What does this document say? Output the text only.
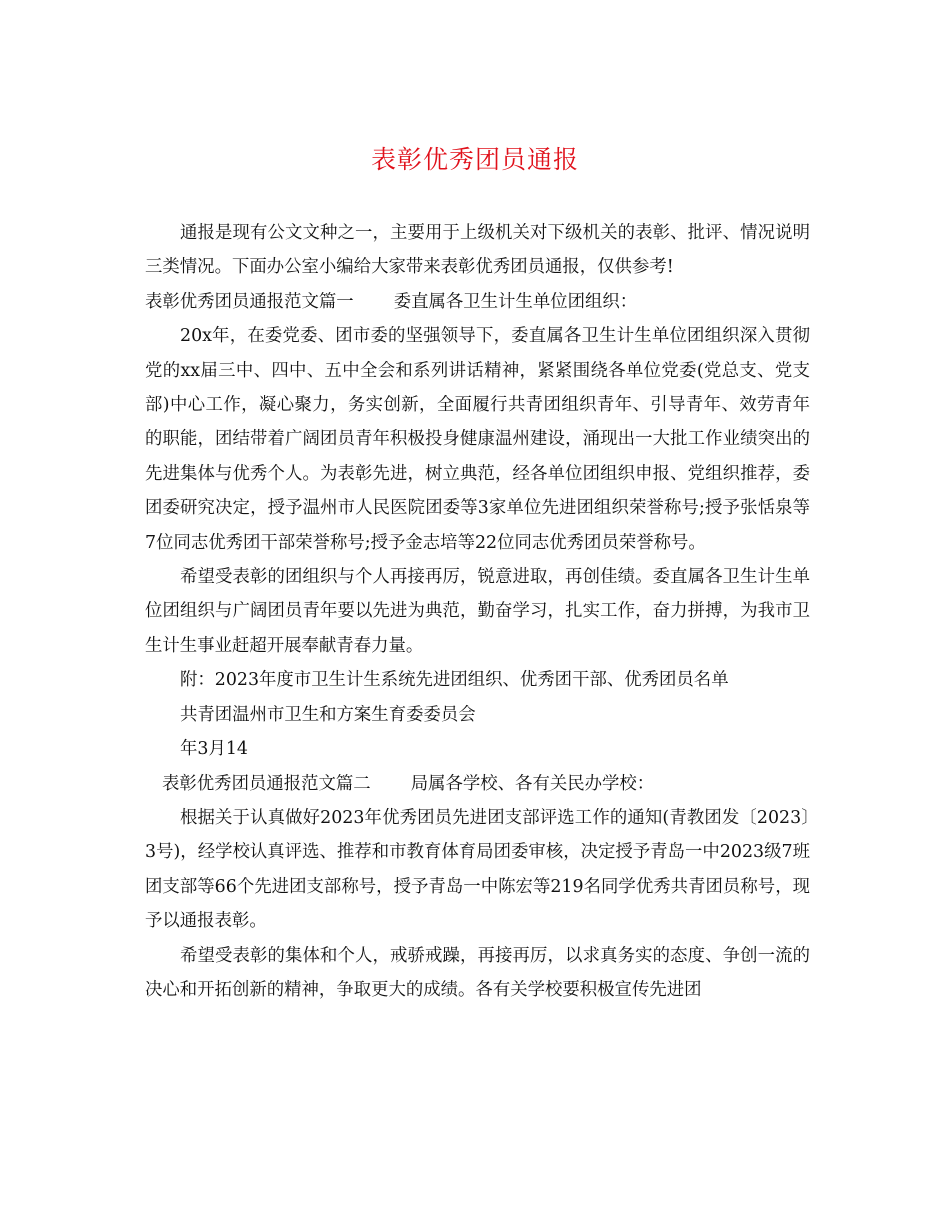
表彰优秀团员通报

通报是现有公文文种之一，主要用于上级机关对下级机关的表彰、批评、情况说明三类情况。下面办公室小编给大家带来表彰优秀团员通报，仅供参考!

表彰优秀团员通报范文篇一 委直属各卫生计生单位团组织：

20x年，在委党委、团市委的坚强领导下，委直属各卫生计生单位团组织深入贯彻党的xx届三中、四中、五中全会和系列讲话精神，紧紧围绕各单位党委(党总支、党支部)中心工作，凝心聚力，务实创新，全面履行共青团组织青年、引导青年、效劳青年的职能，团结带着广阔团员青年积极投身健康温州建设，涌现出一大批工作业绩突出的先进集体与优秀个人。为表彰先进，树立典范，经各单位团组织申报、党组织推荐，委团委研究决定，授予温州市人民医院团委等3家单位先进团组织荣誉称号;授予张恬泉等7位同志优秀团干部荣誉称号;授予金志培等22位同志优秀团员荣誉称号。

希望受表彰的团组织与个人再接再厉，锐意进取，再创佳绩。委直属各卫生计生单位团组织与广阔团员青年要以先进为典范，勤奋学习，扎实工作，奋力拼搏，为我市卫生计生事业赶超开展奉献青春力量。

附：2023年度市卫生计生系统先进团组织、优秀团干部、优秀团员名单

共青团温州市卫生和方案生育委委员会

年3月14

表彰优秀团员通报范文篇二 局属各学校、各有关民办学校：

根据关于认真做好2023年优秀团员先进团支部评选工作的通知(青教团发〔2023〕3号)，经学校认真评选、推荐和市教育体育局团委审核，决定授予青岛一中2023级7班团支部等66个先进团支部称号，授予青岛一中陈宏等219名同学优秀共青团员称号，现予以通报表彰。

希望受表彰的集体和个人，戒骄戒躁，再接再厉，以求真务实的态度、争创一流的决心和开拓创新的精神，争取更大的成绩。各有关学校要积极宣传先进团
